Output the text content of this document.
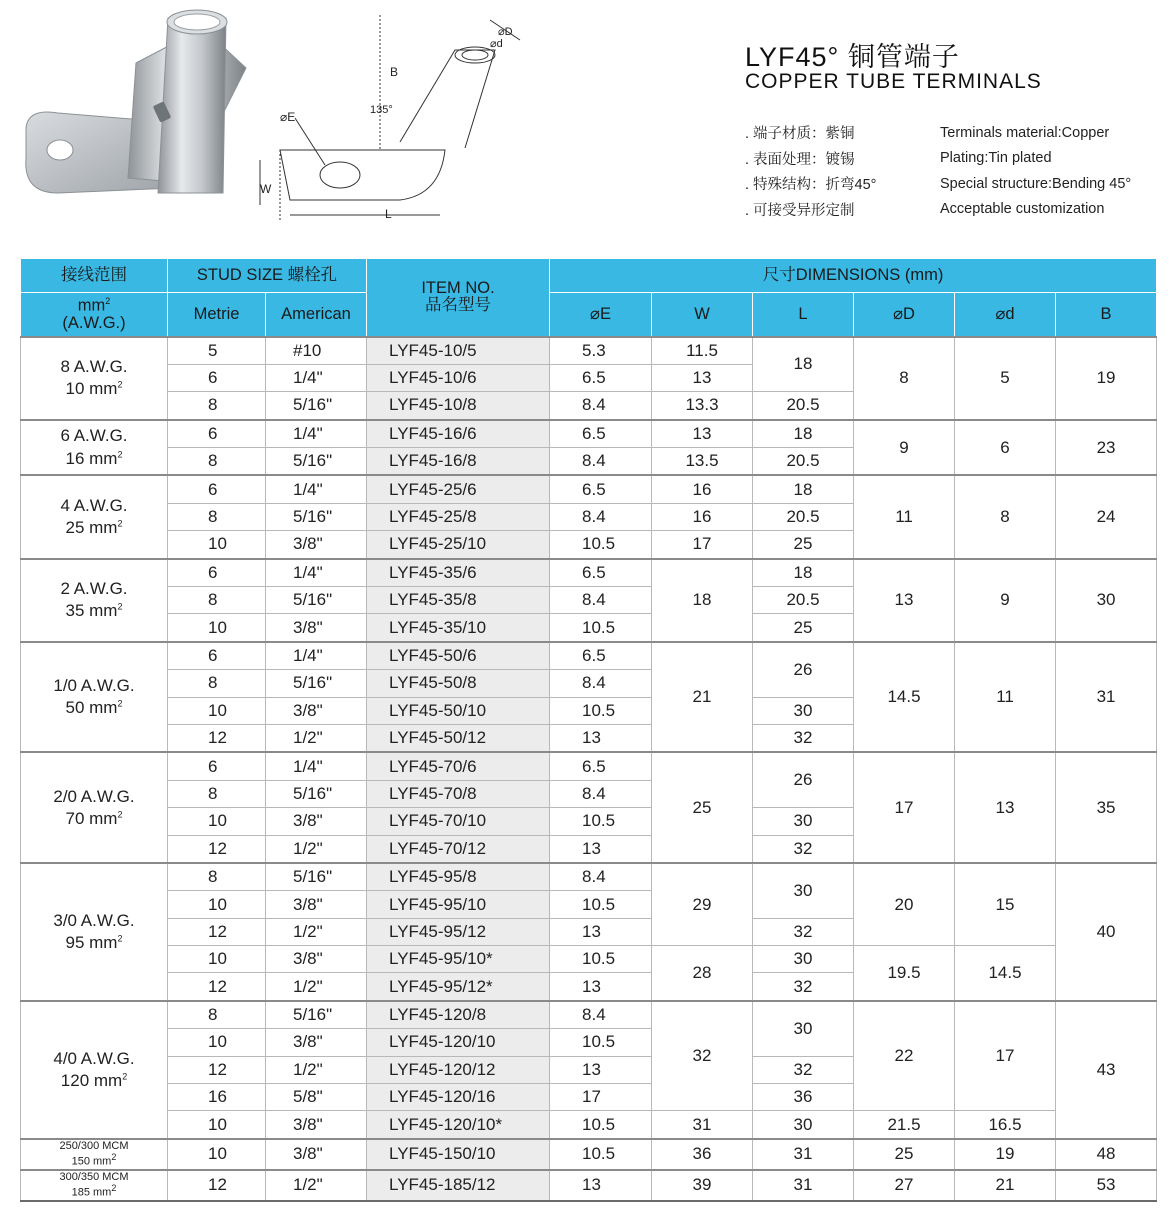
⌀D
⌀d
B
⌀E	135°
W
L
LYF45° 铜管端子
COPPER TUBE TERMINALS
. 端子材质：紫铜	Terminals material:Copper
. 表面处理：镀锡	Plating:Tin plated
. 特殊结构：折弯45°	Special structure:Bending 45°
. 可接受异形定制	Acceptable customization
接线范围	STUD SIZE 螺栓孔		ITEM NO.
品名型号	尺寸DIMENSIONS (mm)					
$mm^2$
(A.W.G.)	Metrie	American		⌀E	W	L	⌀D	⌀d	B
8 A.W.G.
10 $mm^2$	5	#10	LYF45-10/5	5.3	11.5	18	8	5	19
	6	1/4"	LYF45-10/6	6.5	13				
	8	5/16"	LYF45-10/8	8.4	13.3	20.5			
6 A.W.G.
16 $mm^2$	6	1/4"	LYF45-16/6	6.5	13	18	9	6	23
	8	5/16"	LYF45-16/8	8.4	13.5	20.5			
4 A.W.G.
25 $mm^2$	6	1/4"	LYF45-25/6	6.5	16	18	11	8	24
	8	5/16"	LYF45-25/8	8.4	16	20.5			
	10	3/8"	LYF45-25/10	10.5	17	25			
2 A.W.G.
35 $mm^2$	6	1/4"	LYF45-35/6	6.5	18	18	13	9	30
	8	5/16"	LYF45-35/8	8.4		20.5			
	10	3/8"	LYF45-35/10	10.5		25			
1/0 A.W.G.
50 $mm^2$	6	1/4"	LYF45-50/6	6.5	21	26	14.5	11	31
	8	5/16"	LYF45-50/8	8.4					
	10	3/8"	LYF45-50/10	10.5		30			
	12	1/2"	LYF45-50/12	13		32			
2/0 A.W.G.
70 $mm^2$	6	1/4"	LYF45-70/6	6.5	25	26	17	13	35
	8	5/16"	LYF45-70/8	8.4					
	10	3/8"	LYF45-70/10	10.5		30			
	12	1/2"	LYF45-70/12	13		32			
3/0 A.W.G.
95 $mm^2$	8	5/16"	LYF45-95/8	8.4	29	30	20	15	40
	10	3/8"	LYF45-95/10	10.5					
	12	1/2"	LYF45-95/12	13		32			
	10	3/8"	LYF45-95/10*	10.5	28	30	19.5	14.5	
	12	1/2"	LYF45-95/12*	13		32			
4/0 A.W.G.
120 $mm^2$	8	5/16"	LYF45-120/8	8.4	32	30	22	17	43
	10	3/8"	LYF45-120/10	10.5					
	12	1/2"	LYF45-120/12	13		32			
	16	5/8"	LYF45-120/16	17		36			
	10	3/8"	LYF45-120/10*	10.5	31	30	21.5	16.5	
250/300 MCM
150 $mm^2$	10	3/8"	LYF45-150/10	10.5	36	31	25	19	48
300/350 MCM
185 $mm^2$	12	1/2"	LYF45-185/12	13	39	31	27	21	53
